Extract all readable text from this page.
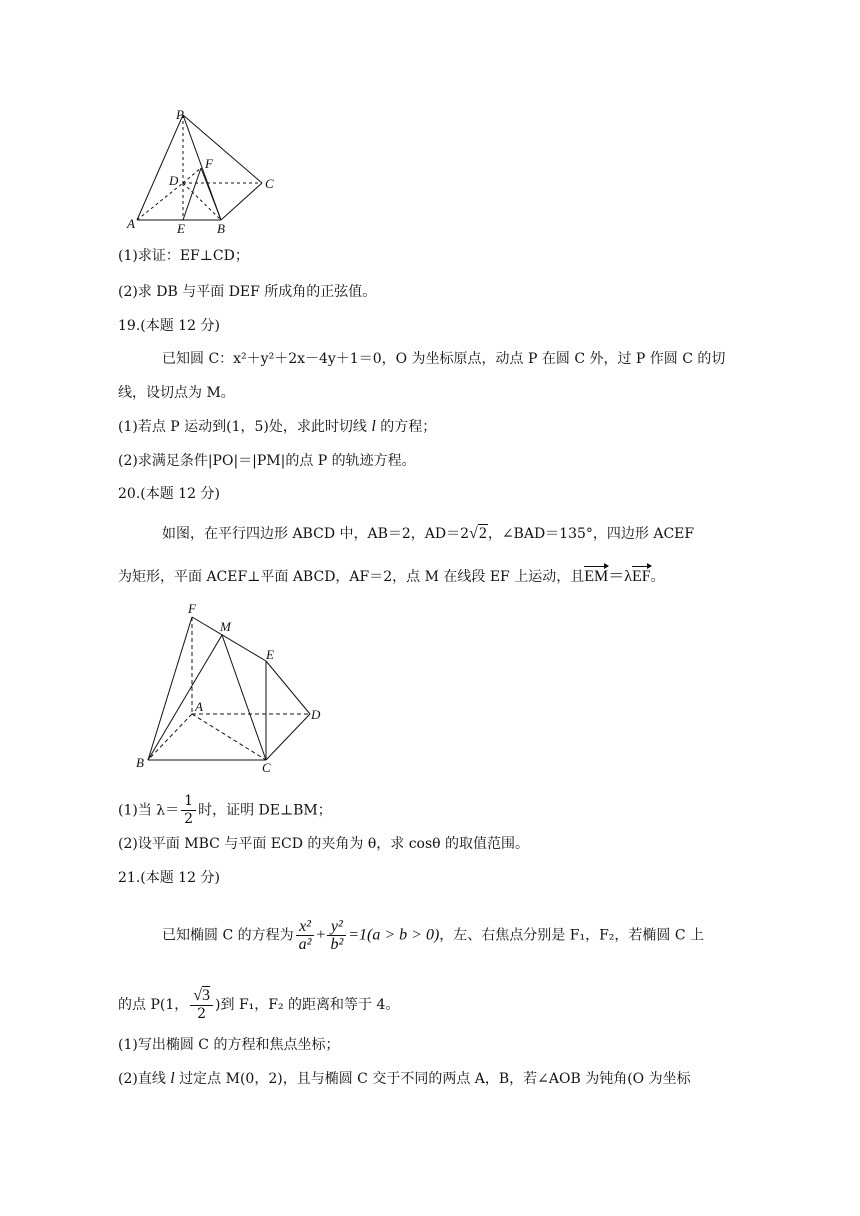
P
F
D	C
A	E B
(1)求证：EF⊥CD；
(2)求 DB 与平面 DEF 所成角的正弦值。
19.(本题 12 分)
已知圆 C：x²＋y²＋2x－4y＋1＝0，O 为坐标原点，动点 P 在圆 C 外，过 P 作圆 C 的切
线，设切点为 M。
(1)若点 P 运动到(1，5)处，求此时切线 l 的方程；
(2)求满足条件|PO|＝|PM|的点 P 的轨迹方程。
20.(本题 12 分)
如图，在平行四边形 ABCD 中，AB＝2，AD＝2√2，∠BAD＝135°，四边形 ACEF
为矩形，平面 ACEF⊥平面 ABCD，AF＝2，点 M 在线段 EF 上运动，且EM＝λEF。
F
M
E
A
D
B	C
(1)当 $\lambda= \frac{1}{2}$ 时，证明 DE⊥BM；
(2)设平面 MBC 与平面 ECD 的夹角为 θ，求 cosθ 的取值范围。
21.(本题 12 分)
已知椭圆 C 的方程为 $\frac{\text{x²}}{\text{a²}} + \frac{\text{y²}}{\text{b²}} =1(a > b > 0)$，左、右焦点分别是 F₁，F₂，若椭圆 C 上
的点 P(1， $\frac{√3}{2}$ )到 F₁，F₂ 的距离和等于 4。
(1)写出椭圆 C 的方程和焦点坐标；
(2)直线 l 过定点 M(0，2)，且与椭圆 C 交于不同的两点 A，B，若∠AOB 为钝角(O 为坐标
